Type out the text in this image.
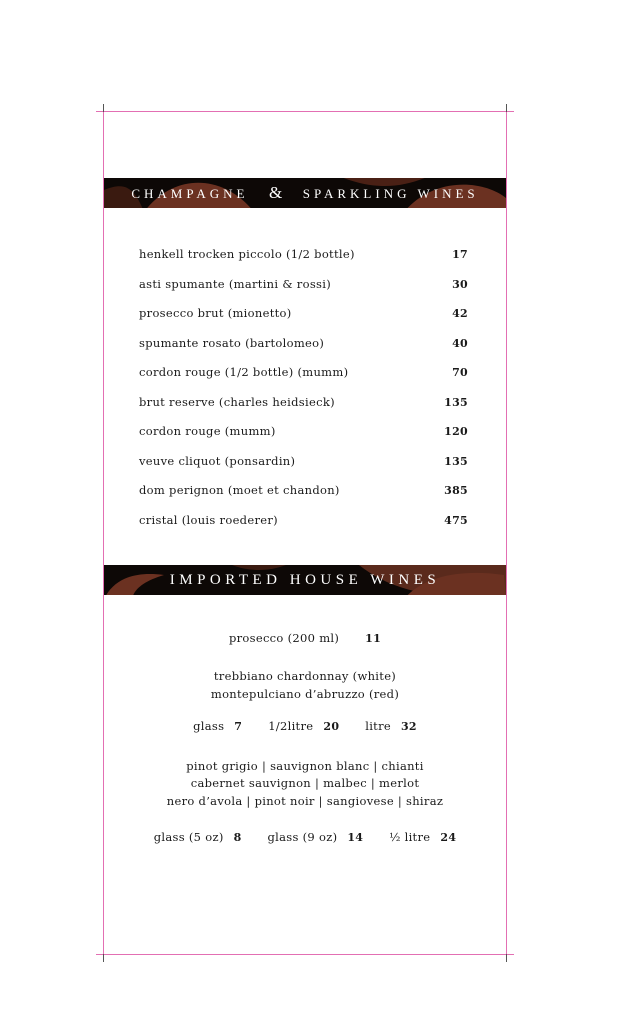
CHAMPAGNE & SPARKLING WINES
henkell trocken piccolo (1/2 bottle)	17
asti spumante (martini & rossi)	30
prosecco brut (mionetto)	42
spumante rosato (bartolomeo)	40
cordon rouge (1/2 bottle) (mumm)	70
brut reserve (charles heidsieck)	135
cordon rouge (mumm)	120
veuve cliquot (ponsardin)	135
dom perignon (moet et chandon)	385
cristal (louis roederer)	475
IMPORTED HOUSE WINES
prosecco (200 ml) 11
trebbiano chardonnay (white)
montepulciano d’abruzzo (red)
glass 7 1/2litre 20 litre 32
pinot grigio | sauvignon blanc | chianti
cabernet sauvignon | malbec | merlot
nero d’avola | pinot noir | sangiovese | shiraz
glass (5 oz) 8 glass (9 oz) 14 ½ litre 24
